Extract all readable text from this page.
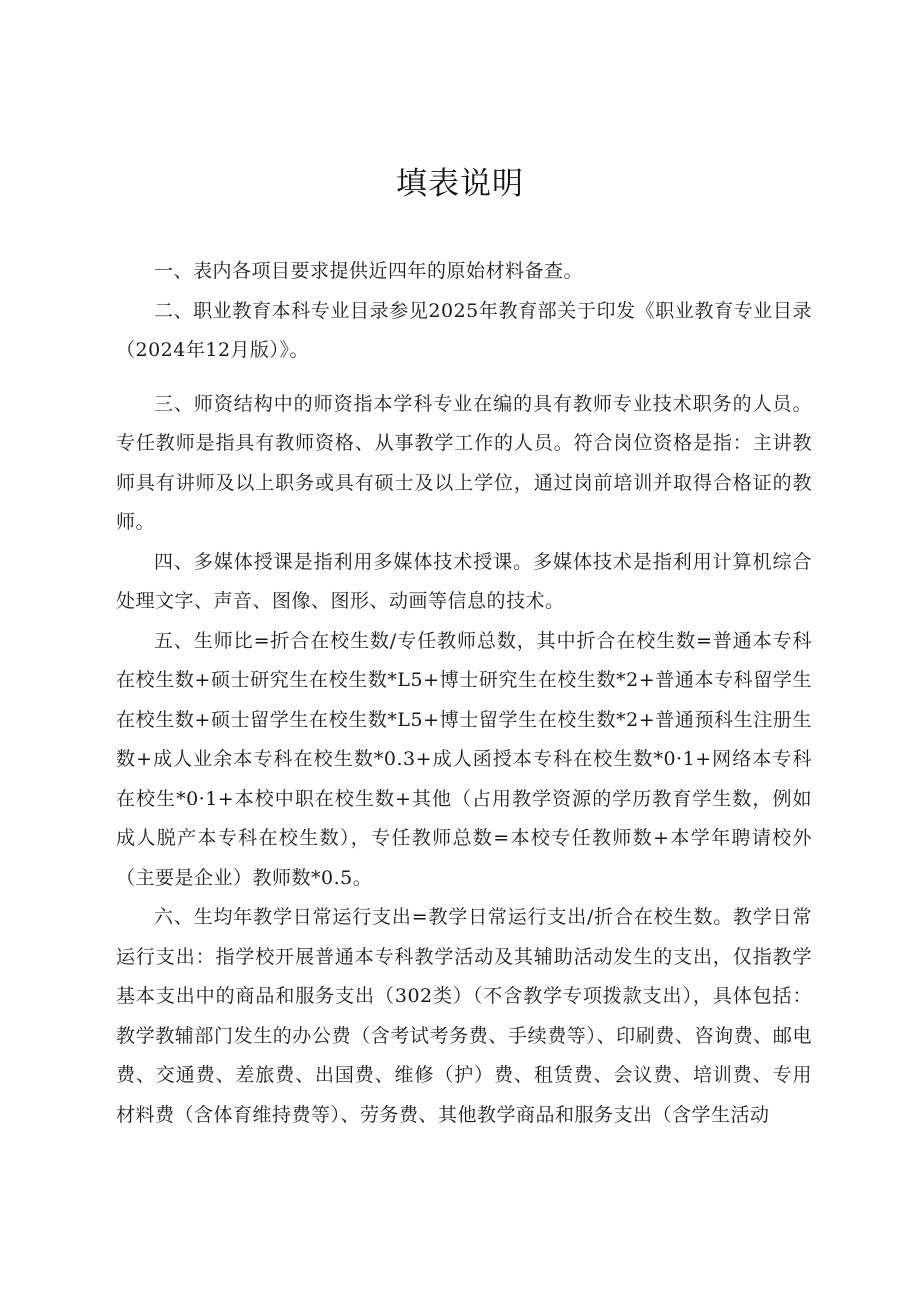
填表说明

一、表内各项目要求提供近四年的原始材料备查。

二、职业教育本科专业目录参见2025年教育部关于印发《职业教育专业目录（2024年12月版）》。

三、师资结构中的师资指本学科专业在编的具有教师专业技术职务的人员。专任教师是指具有教师资格、从事教学工作的人员。符合岗位资格是指：主讲教师具有讲师及以上职务或具有硕士及以上学位，通过岗前培训并取得合格证的教师。

四、多媒体授课是指利用多媒体技术授课。多媒体技术是指利用计算机综合处理文字、声音、图像、图形、动画等信息的技术。

五、生师比=折合在校生数/专任教师总数，其中折合在校生数=普通本专科在校生数+硕士研究生在校生数*L5+博士研究生在校生数*2+普通本专科留学生在校生数+硕士留学生在校生数*L5+博士留学生在校生数*2+普通预科生注册生数+成人业余本专科在校生数*0.3+成人函授本专科在校生数*0·1+网络本专科在校生*0·1+本校中职在校生数+其他（占用教学资源的学历教育学生数，例如成人脱产本专科在校生数），专任教师总数=本校专任教师数+本学年聘请校外（主要是企业）教师数*0.5。

六、生均年教学日常运行支出=教学日常运行支出/折合在校生数。教学日常运行支出：指学校开展普通本专科教学活动及其辅助活动发生的支出，仅指教学基本支出中的商品和服务支出（302类）（不含教学专项拨款支出），具体包括：教学教辅部门发生的办公费（含考试考务费、手续费等）、印刷费、咨询费、邮电费、交通费、差旅费、出国费、维修（护）费、租赁费、会议费、培训费、专用材料费（含体育维持费等）、劳务费、其他教学商品和服务支出（含学生活动
